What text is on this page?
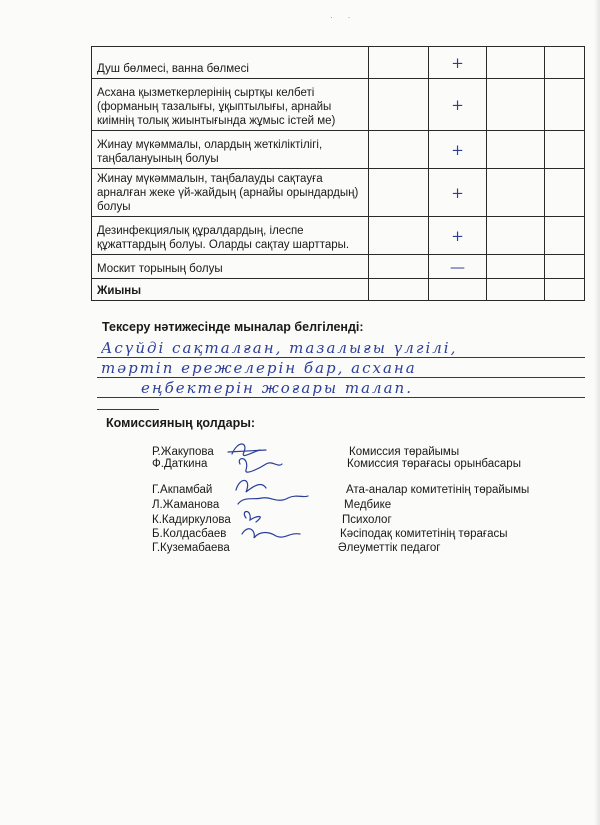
· ·
Душ бөлмесі, ванна бөлмесі		+		
Асхана қызметкерлерінің сыртқы келбеті (форманың тазалығы, ұқыптылығы, арнайы киімнің толық жиынтығында жұмыс істей ме)		+		
Жинау мүкәммалы, олардың жеткіліктілігі, таңбалануының болуы		+		
Жинау мүкәммалын, таңбалауды сақтауға арналған жеке үй-жайдың (арнайы орындардың) болуы		+		
Дезинфекциялық құралдардың, ілеспе құжаттардың болуы. Оларды сақтау шарттары.		+		
Москит торының болуы		—		
Жиыны				
Тексеру нәтижесінде мыналар белгіленді:
Асүйді сақталған, тазалығы үлгілі,
тәртіп ережелерін бар, асхана
еңбектерін жоғары талап.
Комиссияның қолдары:
Р.Жакупова	Комиссия төрайымы
Ф.Даткина	Комиссия төрағасы орынбасары
Г.Акпамбай	Ата-аналар комитетінің төрайымы
Л.Жаманова	Медбике
К.Кадиркулова	Психолог
Б.Колдасбаев	Кәсіподақ комитетінің төрағасы
Г.Куземабаева	Әлеуметтік педагог
